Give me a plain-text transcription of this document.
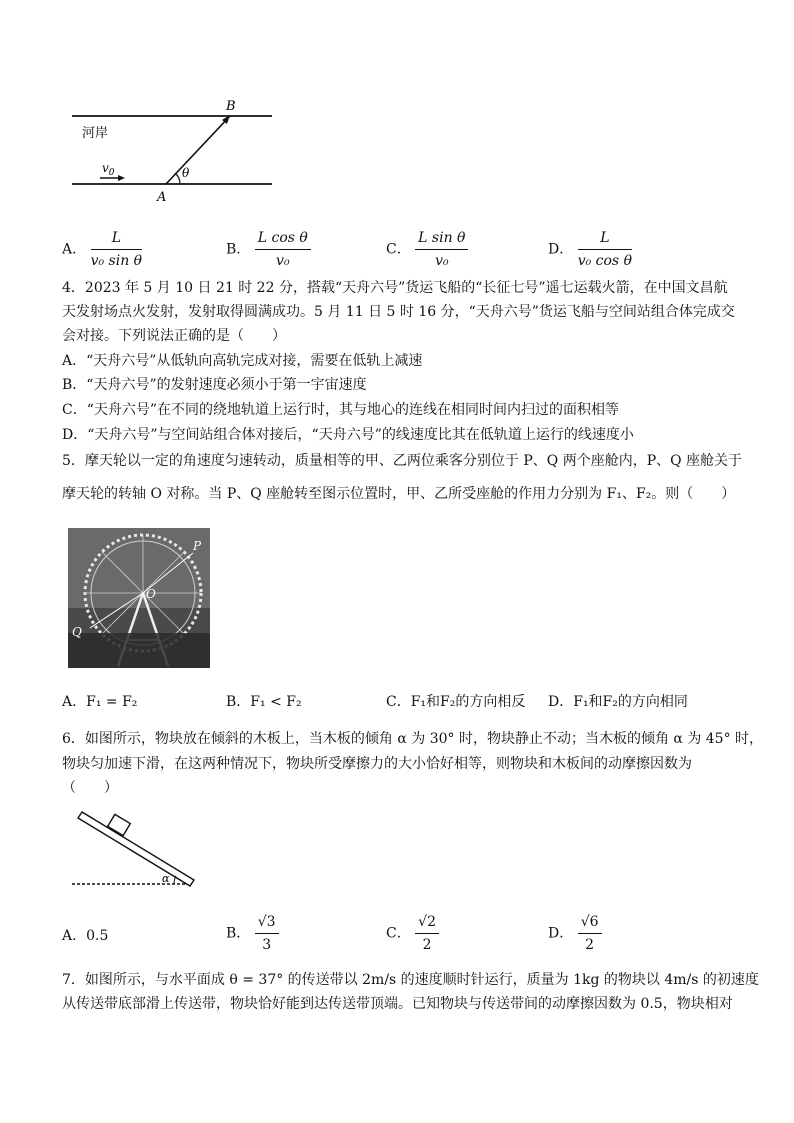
河岸
B
A
θ
$v_0$
A． $\frac{L}{\text{v₀ sin θ}}$	B． $\frac{\text{L cos θ}}{\text{v₀}}$	C． $\frac{\text{L sin θ}}{\text{v₀}}$	D． $\frac{L}{\text{v₀ cos θ}}$
4．2023 年 5 月 10 日 21 时 22 分，搭载“天舟六号”货运飞船的“长征七号”遥七运载火箭，在中国文昌航
天发射场点火发射，发射取得圆满成功。5 月 11 日 5 时 16 分，“天舟六号”货运飞船与空间站组合体完成交
会对接。下列说法正确的是（　　）
A．“天舟六号”从低轨向高轨完成对接，需要在低轨上减速
B．“天舟六号”的发射速度必须小于第一宇宙速度
C．“天舟六号”在不同的绕地轨道上运行时，其与地心的连线在相同时间内扫过的面积相等
D．“天舟六号”与空间站组合体对接后，“天舟六号”的线速度比其在低轨道上运行的线速度小
5．摩天轮以一定的角速度匀速转动，质量相等的甲、乙两位乘客分别位于 P、Q 两个座舱内，P、Q 座舱关于
摩天轮的转轴 O 对称。当 P、Q 座舱转至图示位置时，甲、乙所受座舱的作用力分别为 F₁、F₂。则（　　）
P
O
Q
A．F₁ = F₂	B．F₁ < F₂	C．F₁和F₂的方向相反 D．F₁和F₂的方向相同
6．如图所示，物块放在倾斜的木板上，当木板的倾角 α 为 30° 时，物块静止不动；当木板的倾角 α 为 45° 时，
物块匀加速下滑，在这两种情况下，物块所受摩擦力的大小恰好相等，则物块和木板间的动摩擦因数为
（　　）
α
A．0.5	B． $\frac{√3}{3}$	C． $\frac{√2}{2}$	D． $\frac{√6}{2}$
7．如图所示，与水平面成 θ = 37° 的传送带以 2m/s 的速度顺时针运行，质量为 1kg 的物块以 4m/s 的初速度
从传送带底部滑上传送带，物块恰好能到达传送带顶端。已知物块与传送带间的动摩擦因数为 0.5，物块相对
